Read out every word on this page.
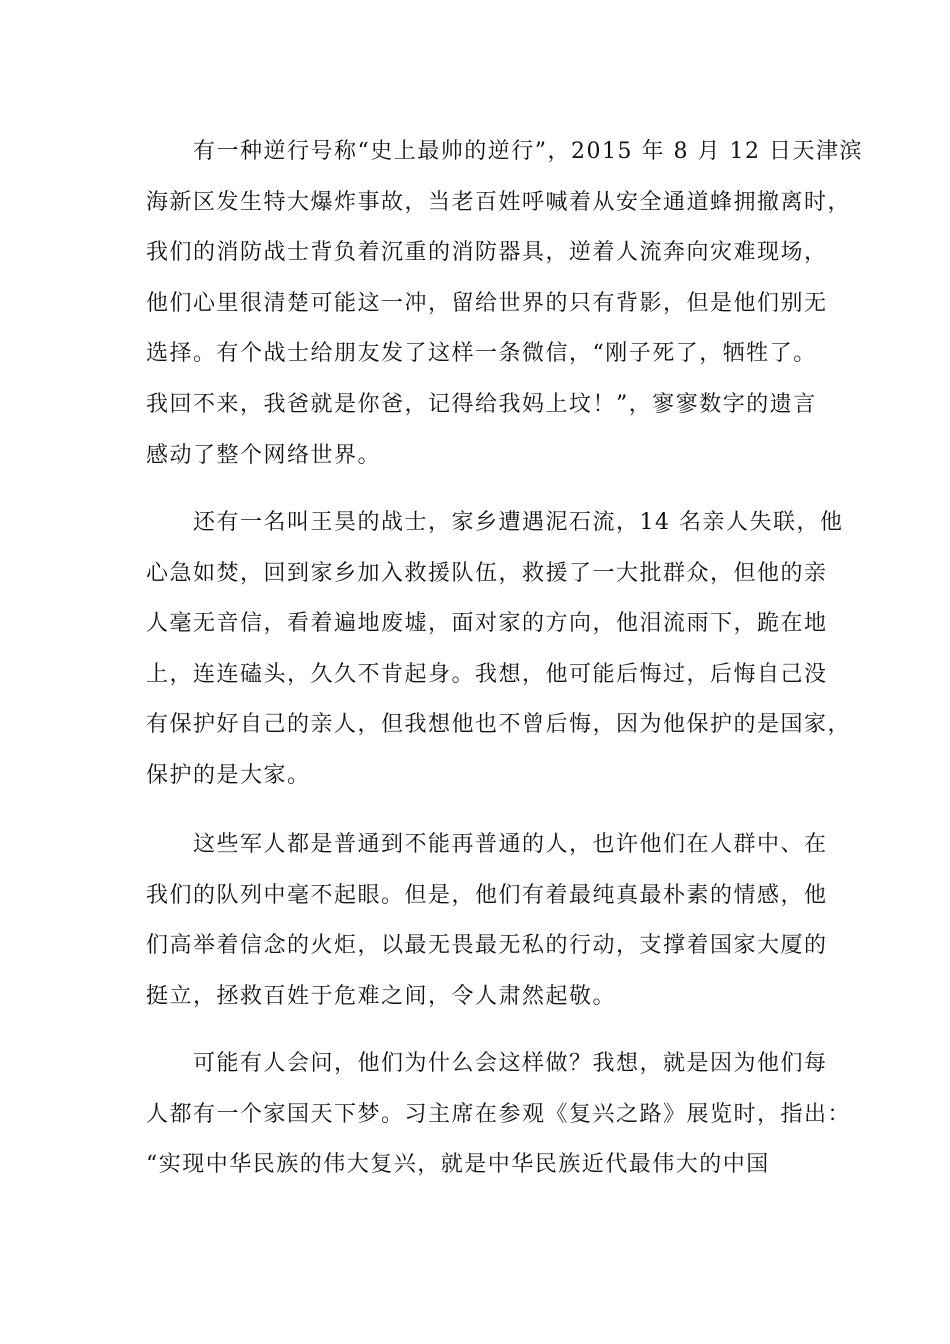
　　有一种逆行号称“史上最帅的逆行”，2015 年 8 月 12 日天津滨
海新区发生特大爆炸事故，当老百姓呼喊着从安全通道蜂拥撤离时，
我们的消防战士背负着沉重的消防器具，逆着人流奔向灾难现场，
他们心里很清楚可能这一冲，留给世界的只有背影，但是他们别无
选择。有个战士给朋友发了这样一条微信，“刚子死了，牺牲了。
我回不来，我爸就是你爸，记得给我妈上坟！”，寥寥数字的遗言
感动了整个网络世界。
　　还有一名叫王昊的战士，家乡遭遇泥石流，14 名亲人失联，他
心急如焚，回到家乡加入救援队伍，救援了一大批群众，但他的亲
人毫无音信，看着遍地废墟，面对家的方向，他泪流雨下，跪在地
上，连连磕头，久久不肯起身。我想，他可能后悔过，后悔自己没
有保护好自己的亲人，但我想他也不曾后悔，因为他保护的是国家，
保护的是大家。
　　这些军人都是普通到不能再普通的人，也许他们在人群中、在
我们的队列中毫不起眼。但是，他们有着最纯真最朴素的情感，他
们高举着信念的火炬，以最无畏最无私的行动，支撑着国家大厦的
挺立，拯救百姓于危难之间，令人肃然起敬。
　　可能有人会问，他们为什么会这样做？我想，就是因为他们每
人都有一个家国天下梦。习主席在参观《复兴之路》展览时，指出：
“实现中华民族的伟大复兴，就是中华民族近代最伟大的中国
